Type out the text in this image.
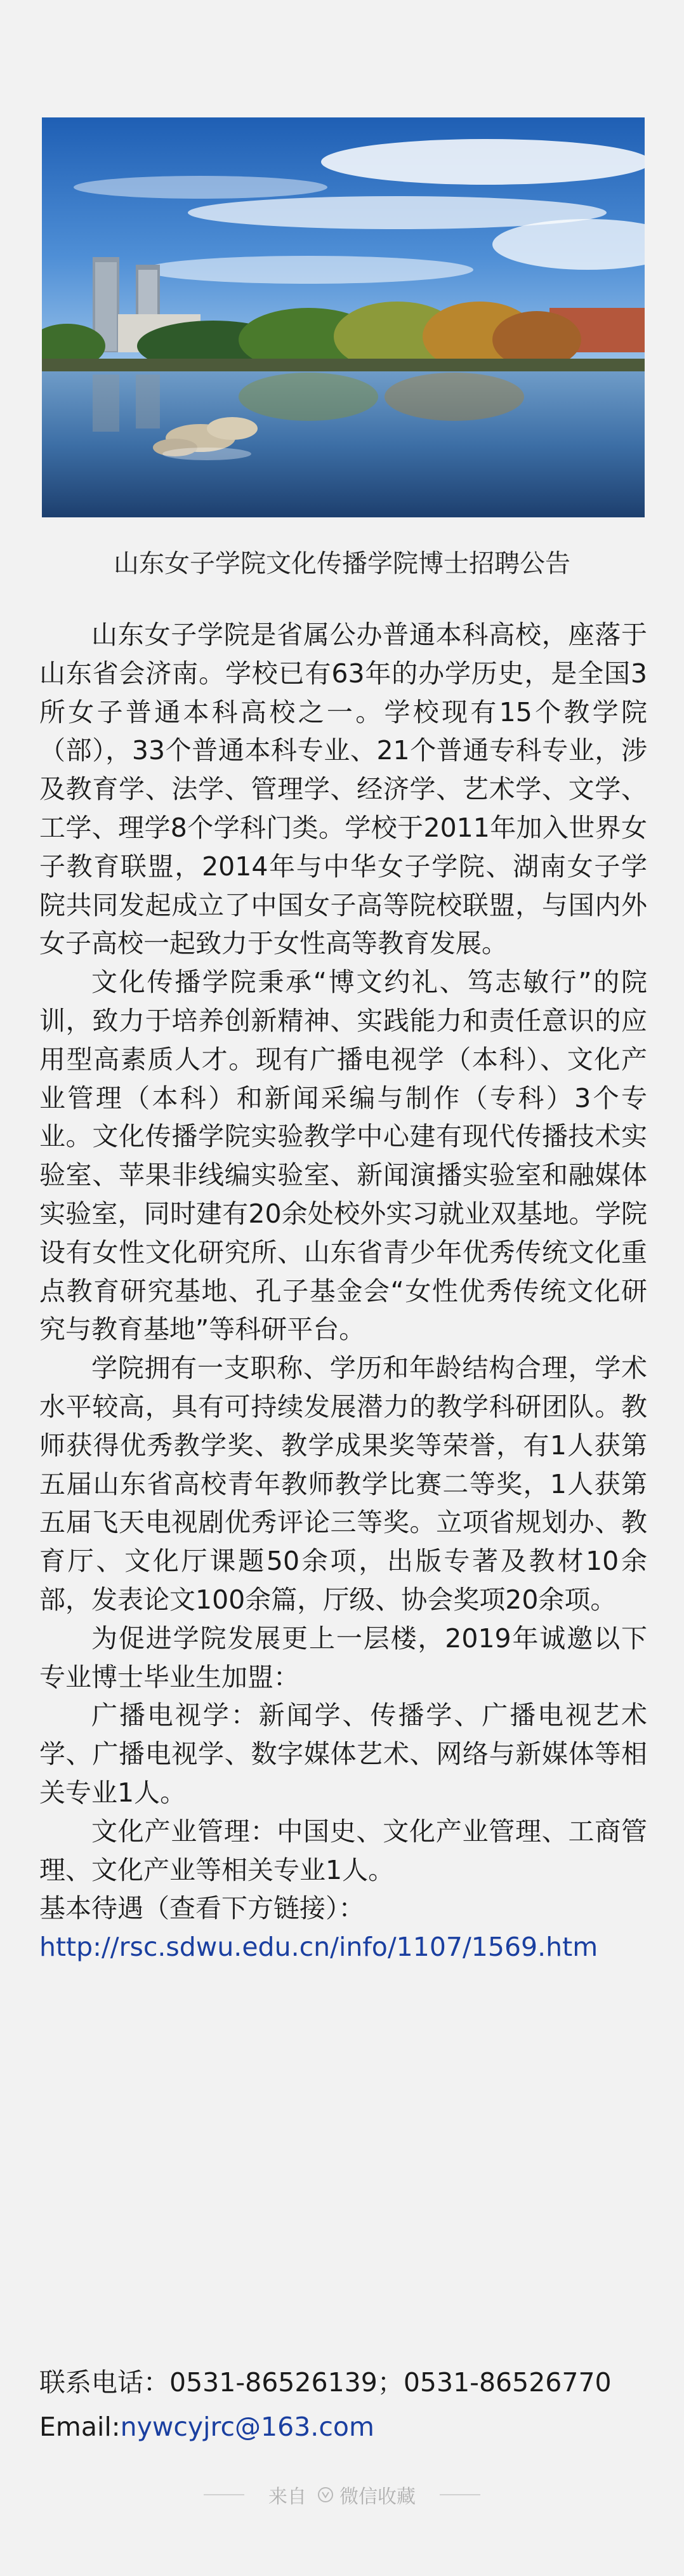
山东女子学院文化传播学院博士招聘公告

山东女子学院是省属公办普通本科高校，座落于山东省会济南。学校已有63年的办学历史，是全国3所女子普通本科高校之一。学校现有15个教学院（部），33个普通本科专业、21个普通专科专业，涉及教育学、法学、管理学、经济学、艺术学、文学、工学、理学8个学科门类。学校于2011年加入世界女子教育联盟，2014年与中华女子学院、湖南女子学院共同发起成立了中国女子高等院校联盟，与国内外女子高校一起致力于女性高等教育发展。

文化传播学院秉承“博文约礼、笃志敏行”的院训，致力于培养创新精神、实践能力和责任意识的应用型高素质人才。现有广播电视学（本科）、文化产业管理（本科）和新闻采编与制作（专科）3个专业。文化传播学院实验教学中心建有现代传播技术实验室、苹果非线编实验室、新闻演播实验室和融媒体实验室，同时建有20余处校外实习就业双基地。学院设有女性文化研究所、山东省青少年优秀传统文化重点教育研究基地、孔子基金会“女性优秀传统文化研究与教育基地”等科研平台。

学院拥有一支职称、学历和年龄结构合理，学术水平较高，具有可持续发展潜力的教学科研团队。教师获得优秀教学奖、教学成果奖等荣誉，有1人获第五届山东省高校青年教师教学比赛二等奖，1人获第五届飞天电视剧优秀评论三等奖。立项省规划办、教育厅、文化厅课题50余项，出版专著及教材10余部，发表论文100余篇，厅级、协会奖项20余项。

为促进学院发展更上一层楼，2019年诚邀以下专业博士毕业生加盟：

广播电视学：新闻学、传播学、广播电视艺术学、广播电视学、数字媒体艺术、网络与新媒体等相关专业1人。

文化产业管理：中国史、文化产业管理、工商管理、文化产业等相关专业1人。

基本待遇（查看下方链接）：

http://rsc.sdwu.edu.cn/info/1107/1569.htm

联系电话：0531-86526139；0531-86526770
Email:nywcyjrc@163.com
来自 微信收藏
